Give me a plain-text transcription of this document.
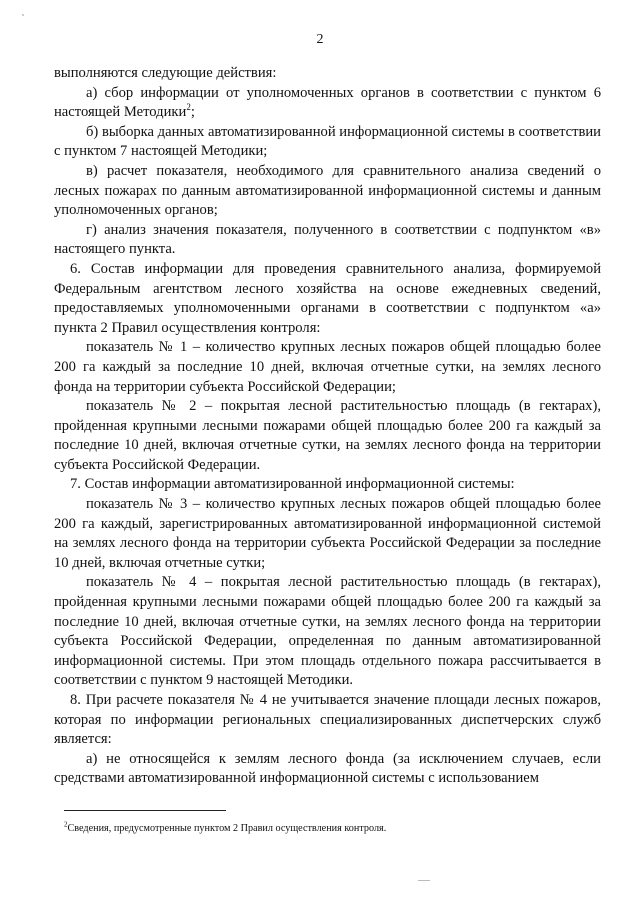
2

выполняются следующие действия:

а) сбор информации от уполномоченных органов в соответствии с пунктом 6 настоящей Методики$^2$;

б) выборка данных автоматизированной информационной системы в соответствии с пунктом 7 настоящей Методики;

в) расчет показателя, необходимого для сравнительного анализа сведений о лесных пожарах по данным автоматизированной информационной системы и данным уполномоченных органов;

г) анализ значения показателя, полученного в соответствии с подпунктом «в» настоящего пункта.

6. Состав информации для проведения сравнительного анализа, формируемой Федеральным агентством лесного хозяйства на основе ежедневных сведений, предоставляемых уполномоченными органами в соответствии с подпунктом «а» пункта 2 Правил осуществления контроля:

показатель № 1 – количество крупных лесных пожаров общей площадью более 200 га каждый за последние 10 дней, включая отчетные сутки, на землях лесного фонда на территории субъекта Российской Федерации;

показатель № 2 – покрытая лесной растительностью площадь (в гектарах), пройденная крупными лесными пожарами общей площадью более 200 га каждый за последние 10 дней, включая отчетные сутки, на землях лесного фонда на территории субъекта Российской Федерации.

7. Состав информации автоматизированной информационной системы:

показатель № 3 – количество крупных лесных пожаров общей площадью более 200 га каждый, зарегистрированных автоматизированной информационной системой на землях лесного фонда на территории субъекта Российской Федерации за последние 10 дней, включая отчетные сутки;

показатель № 4 – покрытая лесной растительностью площадь (в гектарах), пройденная крупными лесными пожарами общей площадью более 200 га каждый за последние 10 дней, включая отчетные сутки, на землях лесного фонда на территории субъекта Российской Федерации, определенная по данным автоматизированной информационной системы. При этом площадь отдельного пожара рассчитывается в соответствии с пунктом 9 настоящей Методики.

8. При расчете показателя № 4 не учитывается значение площади лесных пожаров, которая по информации региональных специализированных диспетчерских служб является:

а) не относящейся к землям лесного фонда (за исключением случаев, если средствами автоматизированной информационной системы с использованием

$^2$Сведения, предусмотренные пунктом 2 Правил осуществления контроля.
